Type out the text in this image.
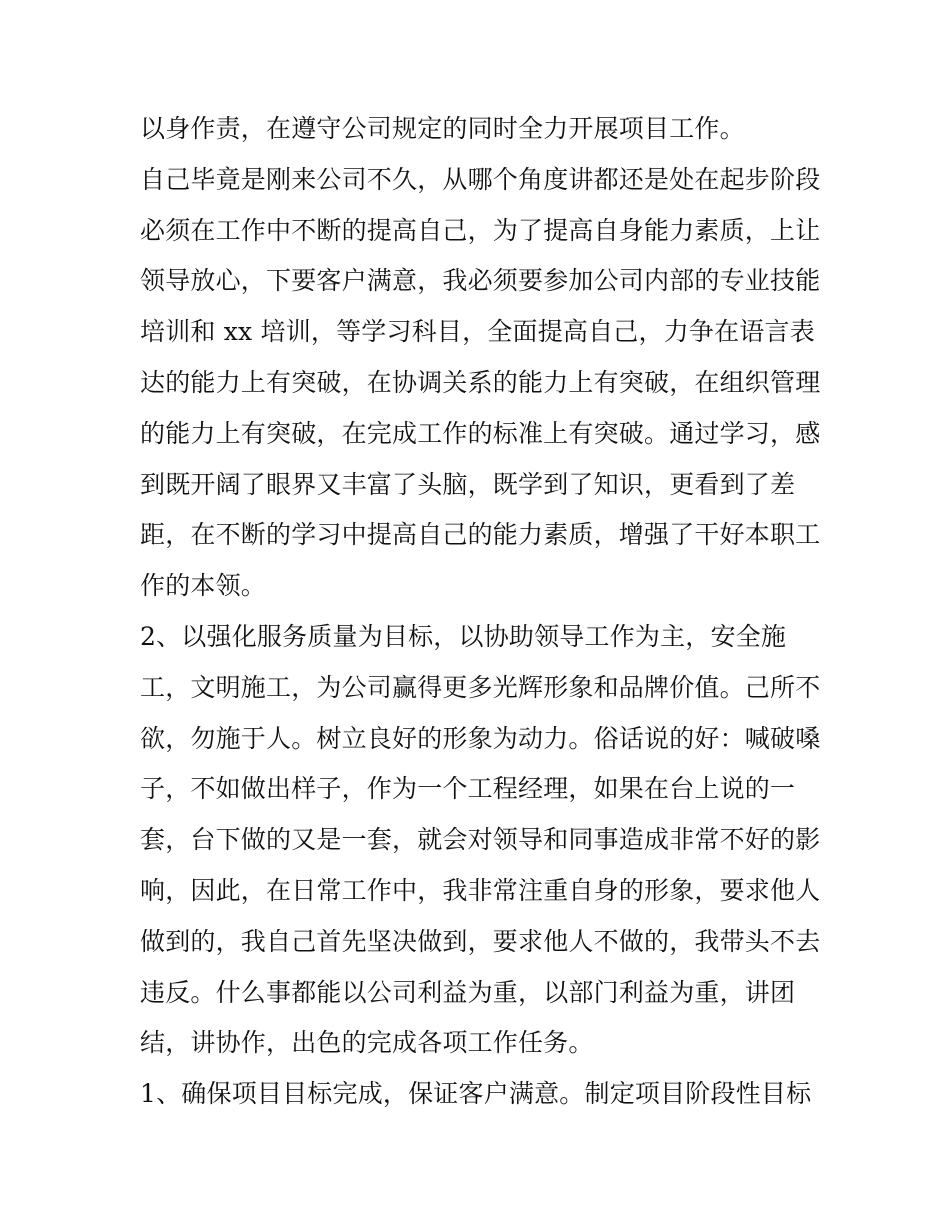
以身作责，在遵守公司规定的同时全力开展项目工作。
自己毕竟是刚来公司不久，从哪个角度讲都还是处在起步阶段
必须在工作中不断的提高自己，为了提高自身能力素质，上让
领导放心，下要客户满意，我必须要参加公司内部的专业技能
培训和 xx 培训，等学习科目，全面提高自己，力争在语言表
达的能力上有突破，在协调关系的能力上有突破，在组织管理
的能力上有突破，在完成工作的标准上有突破。通过学习，感
到既开阔了眼界又丰富了头脑，既学到了知识，更看到了差
距，在不断的学习中提高自己的能力素质，增强了干好本职工
作的本领。
2、以强化服务质量为目标，以协助领导工作为主，安全施
工，文明施工，为公司赢得更多光辉形象和品牌价值。己所不
欲，勿施于人。树立良好的形象为动力。俗话说的好：喊破嗓
子，不如做出样子，作为一个工程经理，如果在台上说的一
套，台下做的又是一套，就会对领导和同事造成非常不好的影
响，因此，在日常工作中，我非常注重自身的形象，要求他人
做到的，我自己首先坚决做到，要求他人不做的，我带头不去
违反。什么事都能以公司利益为重，以部门利益为重，讲团
结，讲协作，出色的完成各项工作任务。
1、确保项目目标完成，保证客户满意。制定项目阶段性目标
